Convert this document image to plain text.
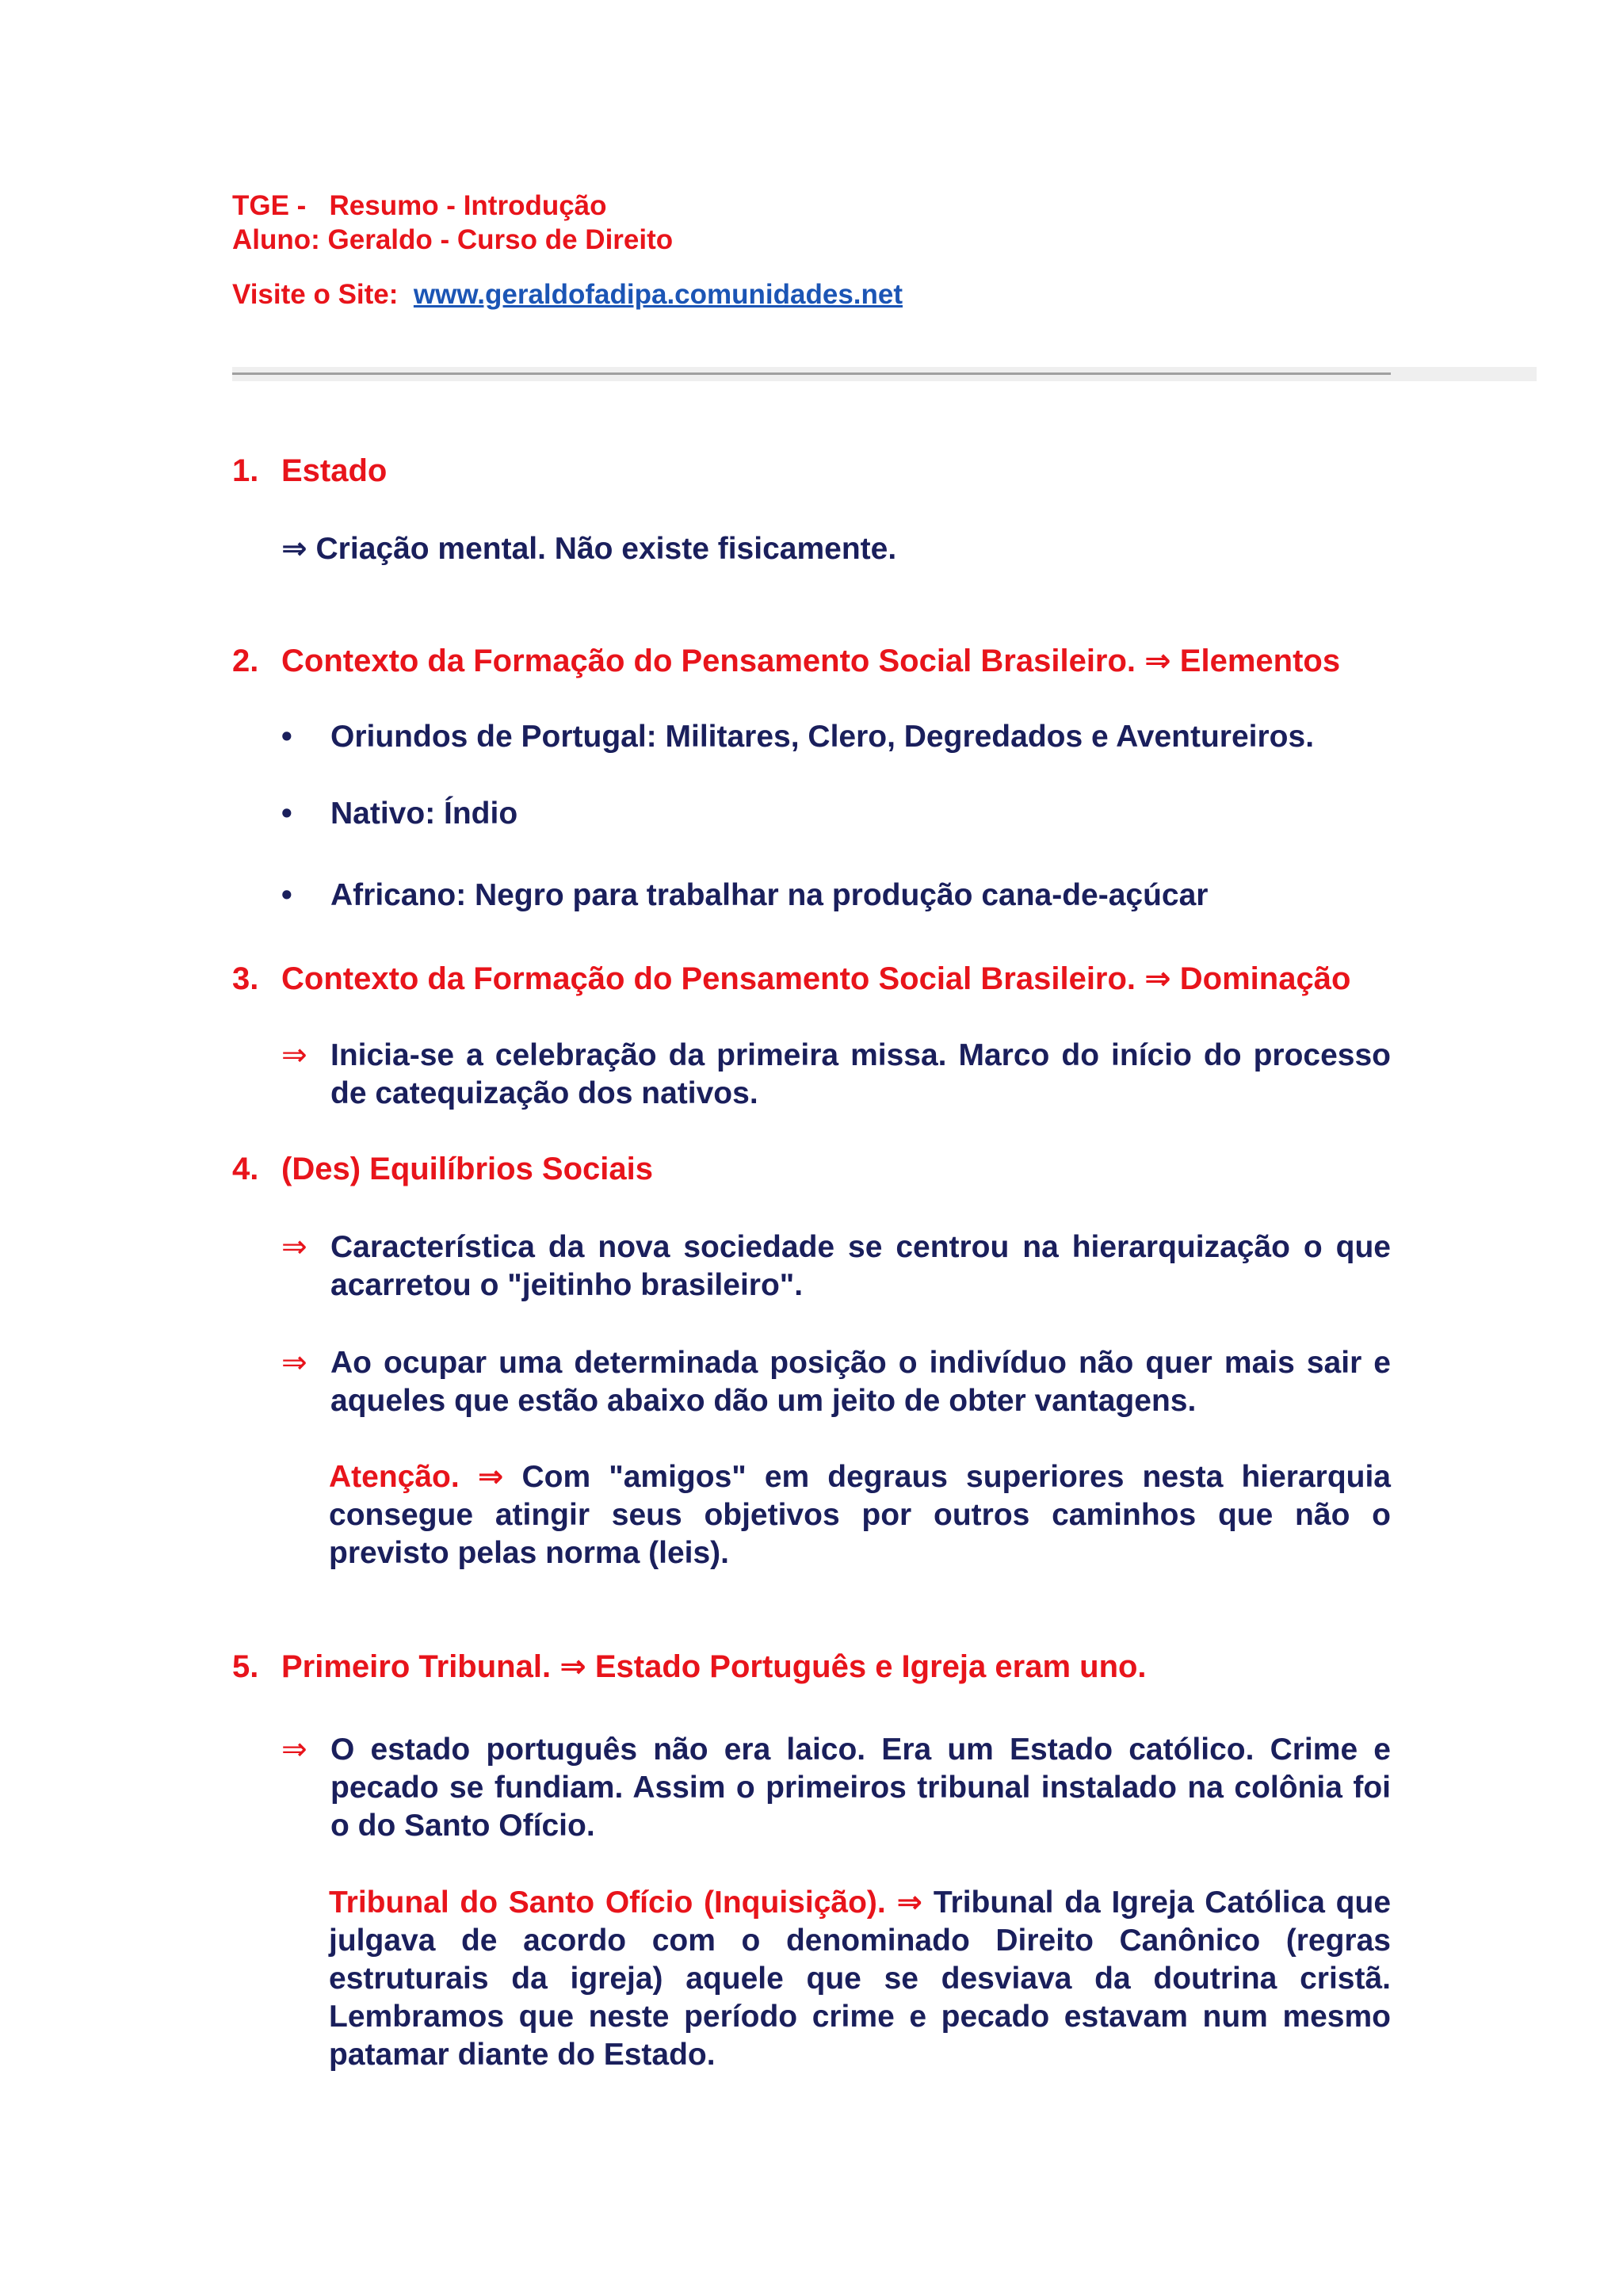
TGE -   Resumo - Introdução
Aluno: Geraldo - Curso de Direito
Visite o Site:  www.geraldofadipa.comunidades.net
1. Estado
⇒ Criação mental. Não existe fisicamente.
2. Contexto da Formação do Pensamento Social Brasileiro. ⇒ Elementos
• Oriundos de Portugal: Militares, Clero, Degredados e Aventureiros.
• Nativo: Índio
• Africano: Negro para trabalhar na produção cana-de-açúcar
3. Contexto da Formação do Pensamento Social Brasileiro. ⇒ Dominação
⇒ Inicia-se a celebração da primeira missa. Marco do início do processo de catequização dos nativos.
4. (Des) Equilíbrios Sociais
⇒ Característica da nova sociedade se centrou na hierarquização o que acarretou o "jeitinho brasileiro".
⇒ Ao ocupar uma determinada posição o indivíduo não quer mais sair e aqueles que estão abaixo dão um jeito de obter vantagens.
Atenção. ⇒ Com "amigos" em degraus superiores nesta hierarquia consegue atingir seus objetivos por outros caminhos que não o previsto pelas norma (leis).
5. Primeiro Tribunal. ⇒ Estado Português e Igreja eram uno.
⇒ O estado português não era laico. Era um Estado católico. Crime e pecado se fundiam. Assim o primeiros tribunal instalado na colônia foi o do Santo Ofício.
Tribunal do Santo Ofício (Inquisição). ⇒ Tribunal da Igreja Católica que julgava de acordo com o denominado Direito Canônico (regras estruturais da igreja) aquele que se desviava da doutrina cristã. Lembramos que neste período crime e pecado estavam num mesmo patamar diante do Estado.
